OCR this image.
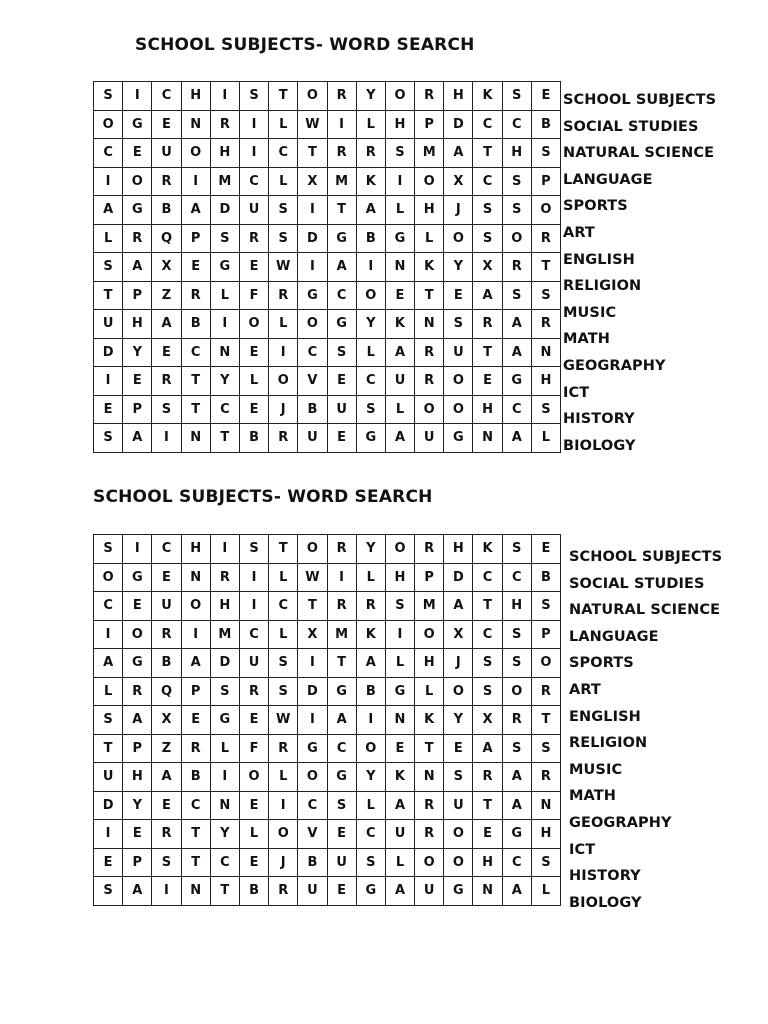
SCHOOL SUBJECTS- WORD SEARCH
S	I	C	H	I	S	T	O	R	Y	O	R	H	K	S	E
O	G	E	N	R	I	L	W	I	L	H	P	D	C	C	B
C	E	U	O	H	I	C	T	R	R	S	M	A	T	H	S
I	O	R	I	M	C	L	X	M	K	I	O	X	C	S	P
A	G	B	A	D	U	S	I	T	A	L	H	J	S	S	O
L	R	Q	P	S	R	S	D	G	B	G	L	O	S	O	R
S	A	X	E	G	E	W	I	A	I	N	K	Y	X	R	T
T	P	Z	R	L	F	R	G	C	O	E	T	E	A	S	S
U	H	A	B	I	O	L	O	G	Y	K	N	S	R	A	R
D	Y	E	C	N	E	I	C	S	L	A	R	U	T	A	N
I	E	R	T	Y	L	O	V	E	C	U	R	O	E	G	H
E	P	S	T	C	E	J	B	U	S	L	O	O	H	C	S
S	A	I	N	T	B	R	U	E	G	A	U	G	N	A	L
SCHOOL SUBJECTS
SOCIAL STUDIES
NATURAL SCIENCE
LANGUAGE
SPORTS
ART
ENGLISH
RELIGION
MUSIC
MATH
GEOGRAPHY
ICT
HISTORY
BIOLOGY
SCHOOL SUBJECTS- WORD SEARCH
S	I	C	H	I	S	T	O	R	Y	O	R	H	K	S	E
O	G	E	N	R	I	L	W	I	L	H	P	D	C	C	B
C	E	U	O	H	I	C	T	R	R	S	M	A	T	H	S
I	O	R	I	M	C	L	X	M	K	I	O	X	C	S	P
A	G	B	A	D	U	S	I	T	A	L	H	J	S	S	O
L	R	Q	P	S	R	S	D	G	B	G	L	O	S	O	R
S	A	X	E	G	E	W	I	A	I	N	K	Y	X	R	T
T	P	Z	R	L	F	R	G	C	O	E	T	E	A	S	S
U	H	A	B	I	O	L	O	G	Y	K	N	S	R	A	R
D	Y	E	C	N	E	I	C	S	L	A	R	U	T	A	N
I	E	R	T	Y	L	O	V	E	C	U	R	O	E	G	H
E	P	S	T	C	E	J	B	U	S	L	O	O	H	C	S
S	A	I	N	T	B	R	U	E	G	A	U	G	N	A	L
SCHOOL SUBJECTS
SOCIAL STUDIES
NATURAL SCIENCE
LANGUAGE
SPORTS
ART
ENGLISH
RELIGION
MUSIC
MATH
GEOGRAPHY
ICT
HISTORY
BIOLOGY
